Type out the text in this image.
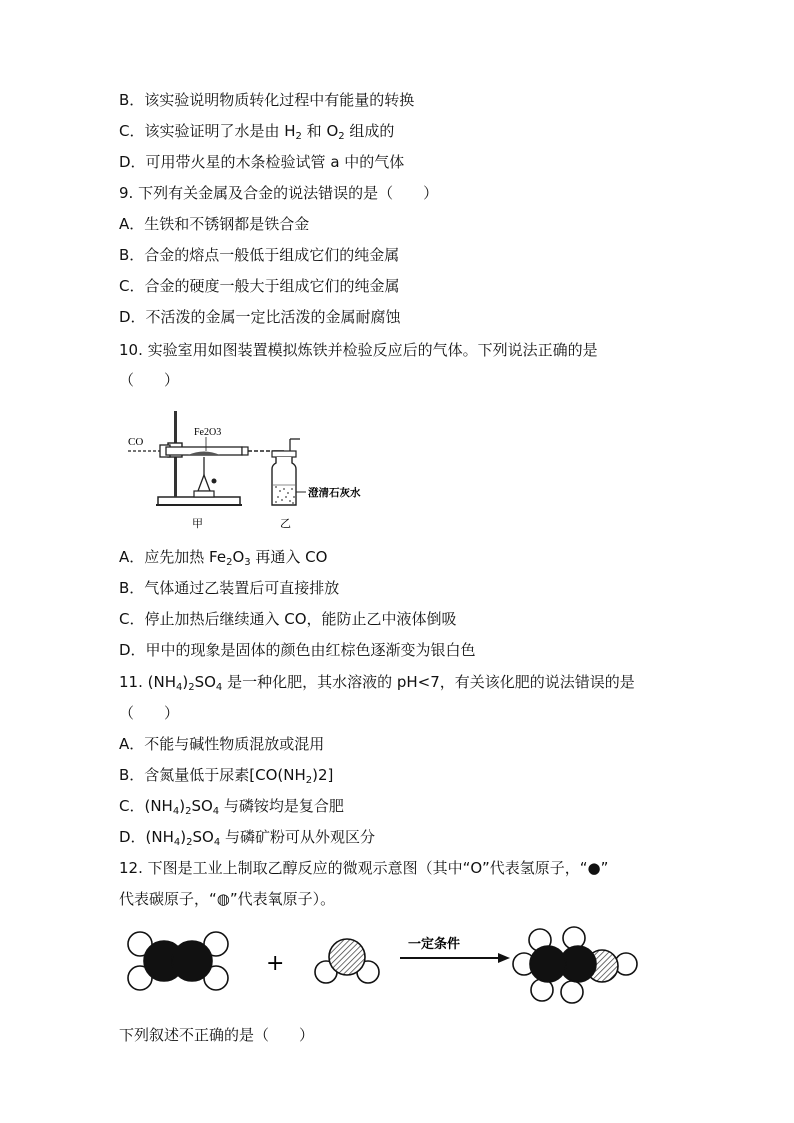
B．该实验说明物质转化过程中有能量的转换
C．该实验证明了水是由 $H_2$ 和 $O_2$ 组成的
D．可用带火星的木条检验试管 a 中的气体
9. 下列有关金属及合金的说法错误的是（　　）
A．生铁和不锈钢都是铁合金
B．合金的熔点一般低于组成它们的纯金属
C．合金的硬度一般大于组成它们的纯金属
D．不活泼的金属一定比活泼的金属耐腐蚀
10. 实验室用如图装置模拟炼铁并检验反应后的气体。下列说法正确的是
（　　）
CO
Fe2O3
澄清石灰水
甲	乙
A．应先加热 $Fe_2O_3$ 再通入 CO
B．气体通过乙装置后可直接排放
C．停止加热后继续通入 CO，能防止乙中液体倒吸
D．甲中的现象是固体的颜色由红棕色逐渐变为银白色
11. $(NH_4)_2SO_4$ 是一种化肥，其水溶液的 pH<7，有关该化肥的说法错误的是
（　　）
A．不能与碱性物质混放或混用
B．含氮量低于尿素$[CO(NH_2)2]$
C．$(NH_4)_2SO_4$ 与磷铵均是复合肥
D．$(NH_4)_2SO_4$ 与磷矿粉可从外观区分
12. 下图是工业上制取乙醇反应的微观示意图（其中“O”代表氢原子，“●”
代表碳原子，“◍”代表氧原子）。
+
一定条件
下列叙述不正确的是（　　）
